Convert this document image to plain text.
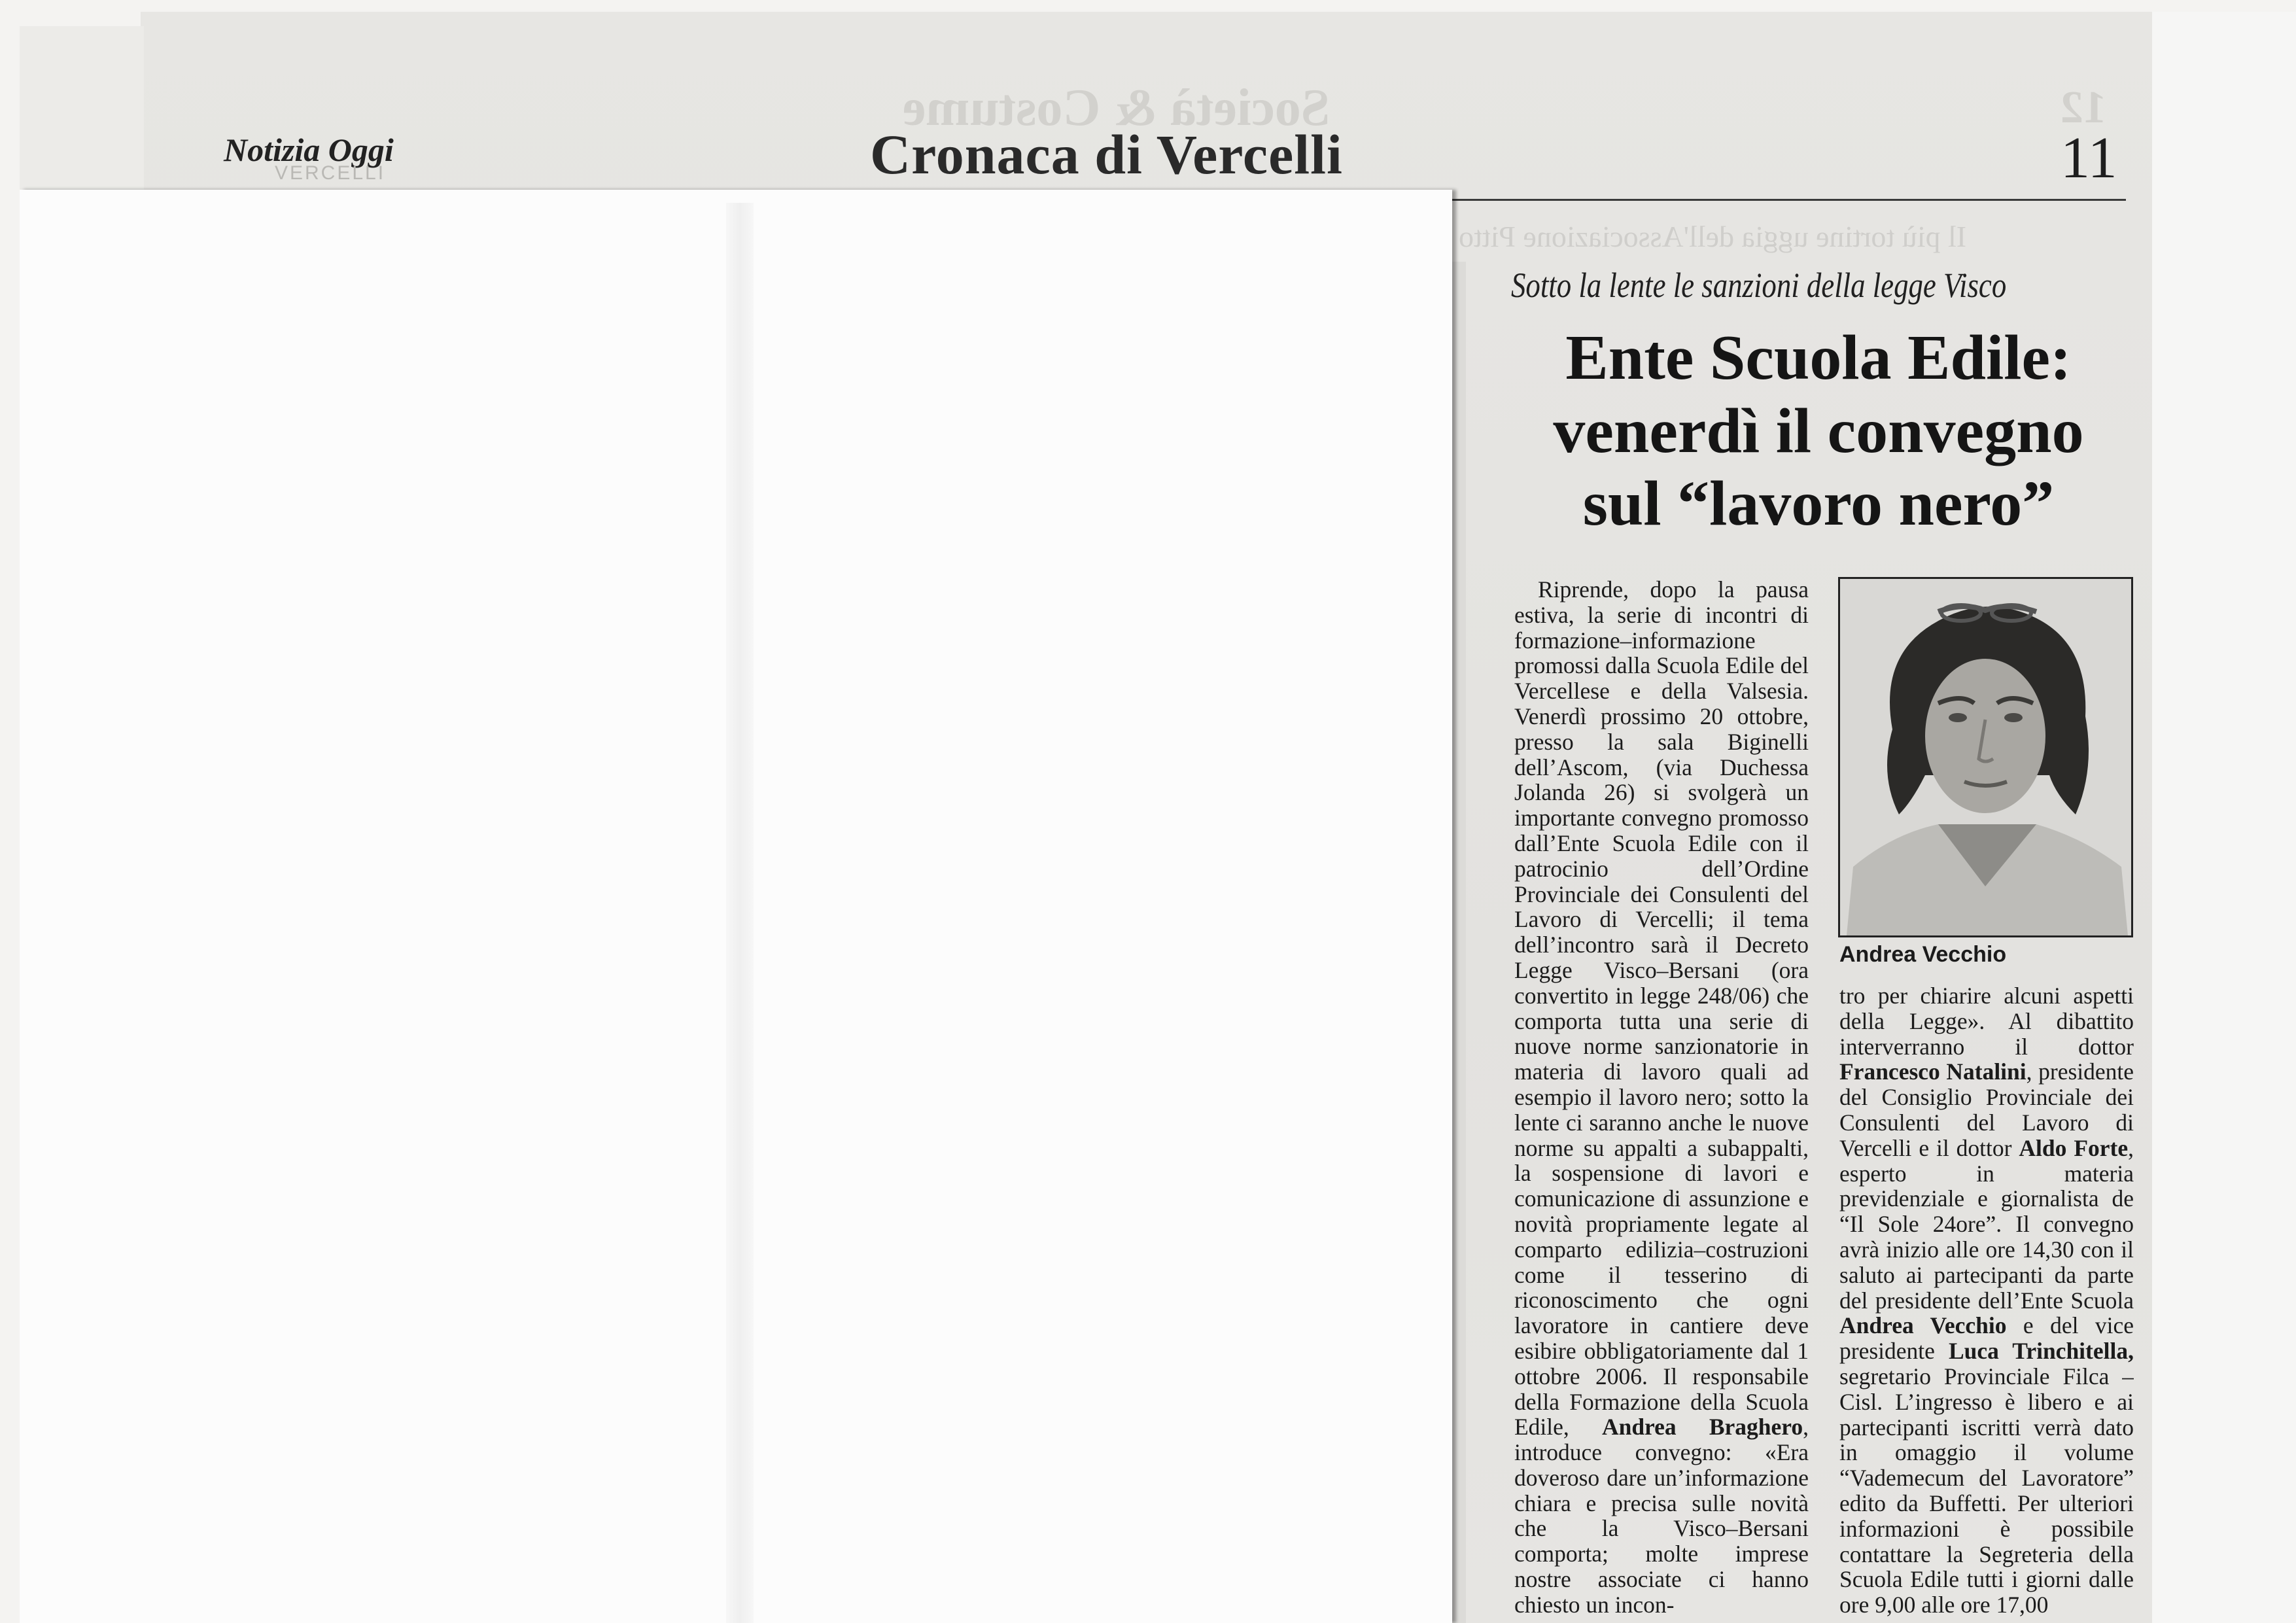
Società & Costume	12
Il più tortine uggia dell'Associazione Pitto
Notizia Oggi
VERCELLI	Cronaca di Vercelli	11
Sotto la lente le sanzioni della legge Visco
Ente Scuola Edile:
venerdì il convegno
sul “lavoro nero”

Riprende, dopo la pausa estiva, la serie di incontri di formazione–informazione promossi dalla Scuola Edile del Vercellese e della Valsesia. Venerdì prossimo 20 ottobre, presso la sala Biginelli dell’Ascom, (via Duchessa Jolanda 26) si svolgerà un importante convegno promosso dall’Ente Scuola Edile con il patrocinio dell’Ordine Provinciale dei Consulenti del Lavoro di Vercelli; il tema dell’incontro sarà il Decreto Legge Visco–Bersani (ora convertito in legge 248/06) che comporta tutta una serie di nuove norme sanzionatorie in materia di lavoro quali ad esempio il lavoro nero; sotto la lente ci saranno anche le nuove norme su appalti a subappalti, la sospensione di lavori e comunicazione di assunzione e novità propriamente legate al comparto edilizia–costruzioni come il tesserino di riconoscimento che ogni lavoratore in cantiere deve esibire obbligatoriamente dal 1 ottobre 2006. Il responsabile della Formazione della Scuola Edile, Andrea Braghero, introduce convegno: «Era doveroso dare un’informazione chiara e precisa sulle novità che la Visco–Bersani comporta; molte imprese nostre associate ci hanno chiesto un incon-

Andrea Vecchio

tro per chiarire alcuni aspetti della Legge». Al dibattito interverranno il dottor Francesco Natalini, presidente del Consiglio Provinciale dei Consulenti del Lavoro di Vercelli e il dottor Aldo Forte, esperto in materia previdenziale e giornalista de “Il Sole 24ore”. Il convegno avrà inizio alle ore 14,30 con il saluto ai partecipanti da parte del presidente dell’Ente Scuola Andrea Vecchio e del vice presidente Luca Trinchitella, segretario Provinciale Filca – Cisl. L’ingresso è libero e ai partecipanti iscritti verrà dato in omaggio il volume “Vademecum del Lavoratore” edito da Buffetti. Per ulteriori informazioni è possibile contattare la Segreteria della Scuola Edile tutti i giorni dalle ore 9,00 alle ore 17,00
